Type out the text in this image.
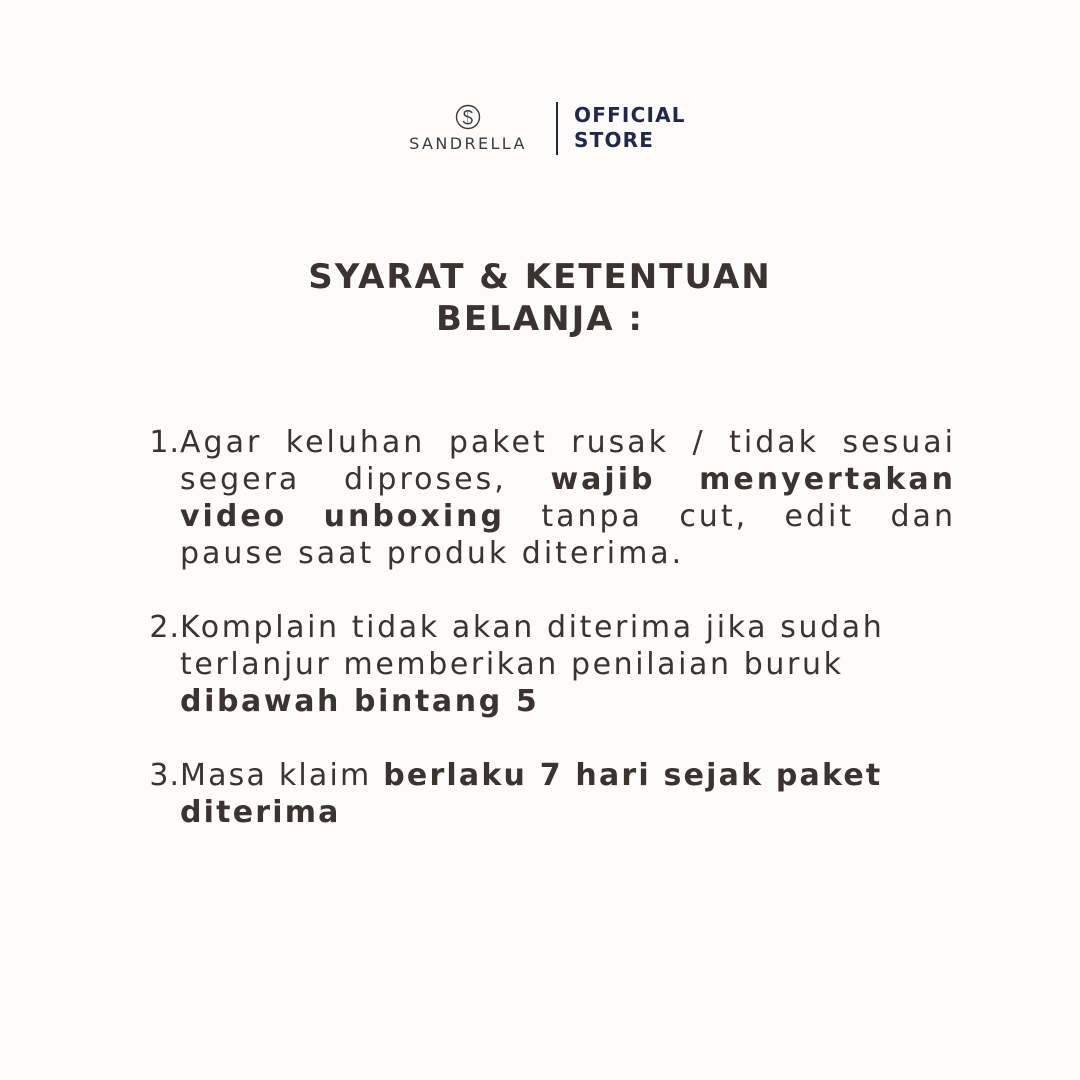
SANDRELLA
OFFICIAL
STORE
SYARAT & KETENTUAN
BELANJA :
1. Agar keluhan paket rusak / tidak sesuai
segera diproses, wajib menyertakan
video unboxing tanpa cut, edit dan
pause saat produk diterima.
2. Komplain tidak akan diterima jika sudah
terlanjur memberikan penilaian buruk
dibawah bintang 5
3. Masa klaim berlaku 7 hari sejak paket
diterima
